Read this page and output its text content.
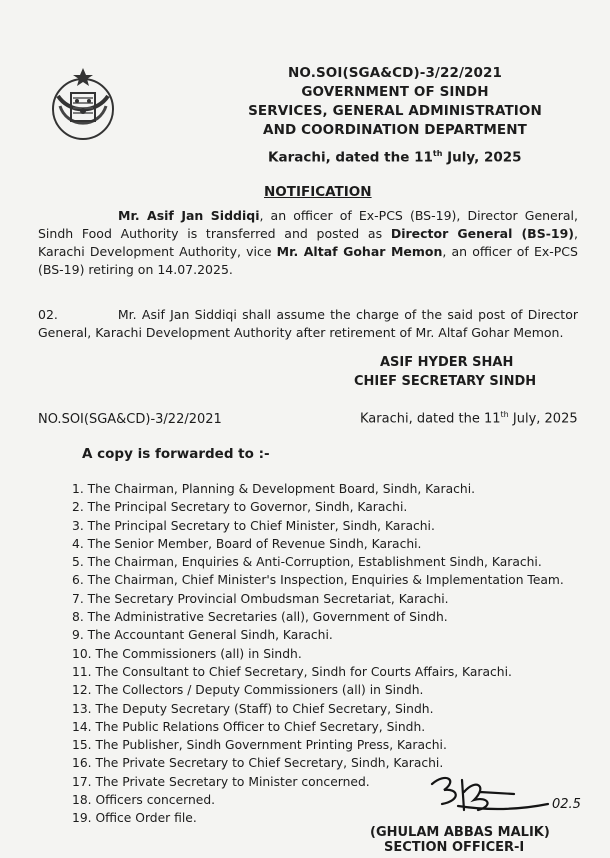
NO.SOI(SGA&CD)-3/22/2021
GOVERNMENT OF SINDH
SERVICES, GENERAL ADMINISTRATION
AND COORDINATION DEPARTMENT
Karachi, dated the 11th July, 2025
NOTIFICATION
Mr. Asif Jan Siddiqi, an officer of Ex-PCS (BS-19), Director General, Sindh Food Authority is transferred and posted as Director General (BS-19), Karachi Development Authority, vice Mr. Altaf Gohar Memon, an officer of Ex-PCS (BS-19) retiring on 14.07.2025.
02.	Mr. Asif Jan Siddiqi shall assume the charge of the said post of Director General, Karachi Development Authority after retirement of Mr. Altaf Gohar Memon.
ASIF HYDER SHAH
CHIEF SECRETARY SINDH
NO.SOI(SGA&CD)-3/22/2021	Karachi, dated the 11th July, 2025
A copy is forwarded to :-
1. The Chairman, Planning & Development Board, Sindh, Karachi.
2. The Principal Secretary to Governor, Sindh, Karachi.
3. The Principal Secretary to Chief Minister, Sindh, Karachi.
4. The Senior Member, Board of Revenue Sindh, Karachi.
5. The Chairman, Enquiries & Anti-Corruption, Establishment Sindh, Karachi.
6. The Chairman, Chief Minister's Inspection, Enquiries & Implementation Team.
7. The Secretary Provincial Ombudsman Secretariat, Karachi.
8. The Administrative Secretaries (all), Government of Sindh.
9. The Accountant General Sindh, Karachi.
10. The Commissioners (all) in Sindh.
11. The Consultant to Chief Secretary, Sindh for Courts Affairs, Karachi.
12. The Collectors / Deputy Commissioners (all) in Sindh.
13. The Deputy Secretary (Staff) to Chief Secretary, Sindh.
14. The Public Relations Officer to Chief Secretary, Sindh.
15. The Publisher, Sindh Government Printing Press, Karachi.
16. The Private Secretary to Chief Secretary, Sindh, Karachi.
17. The Private Secretary to Minister concerned.
18. Officers concerned.
19. Office Order file.
02.5
(GHULAM ABBAS MALIK)
SECTION OFFICER-I
